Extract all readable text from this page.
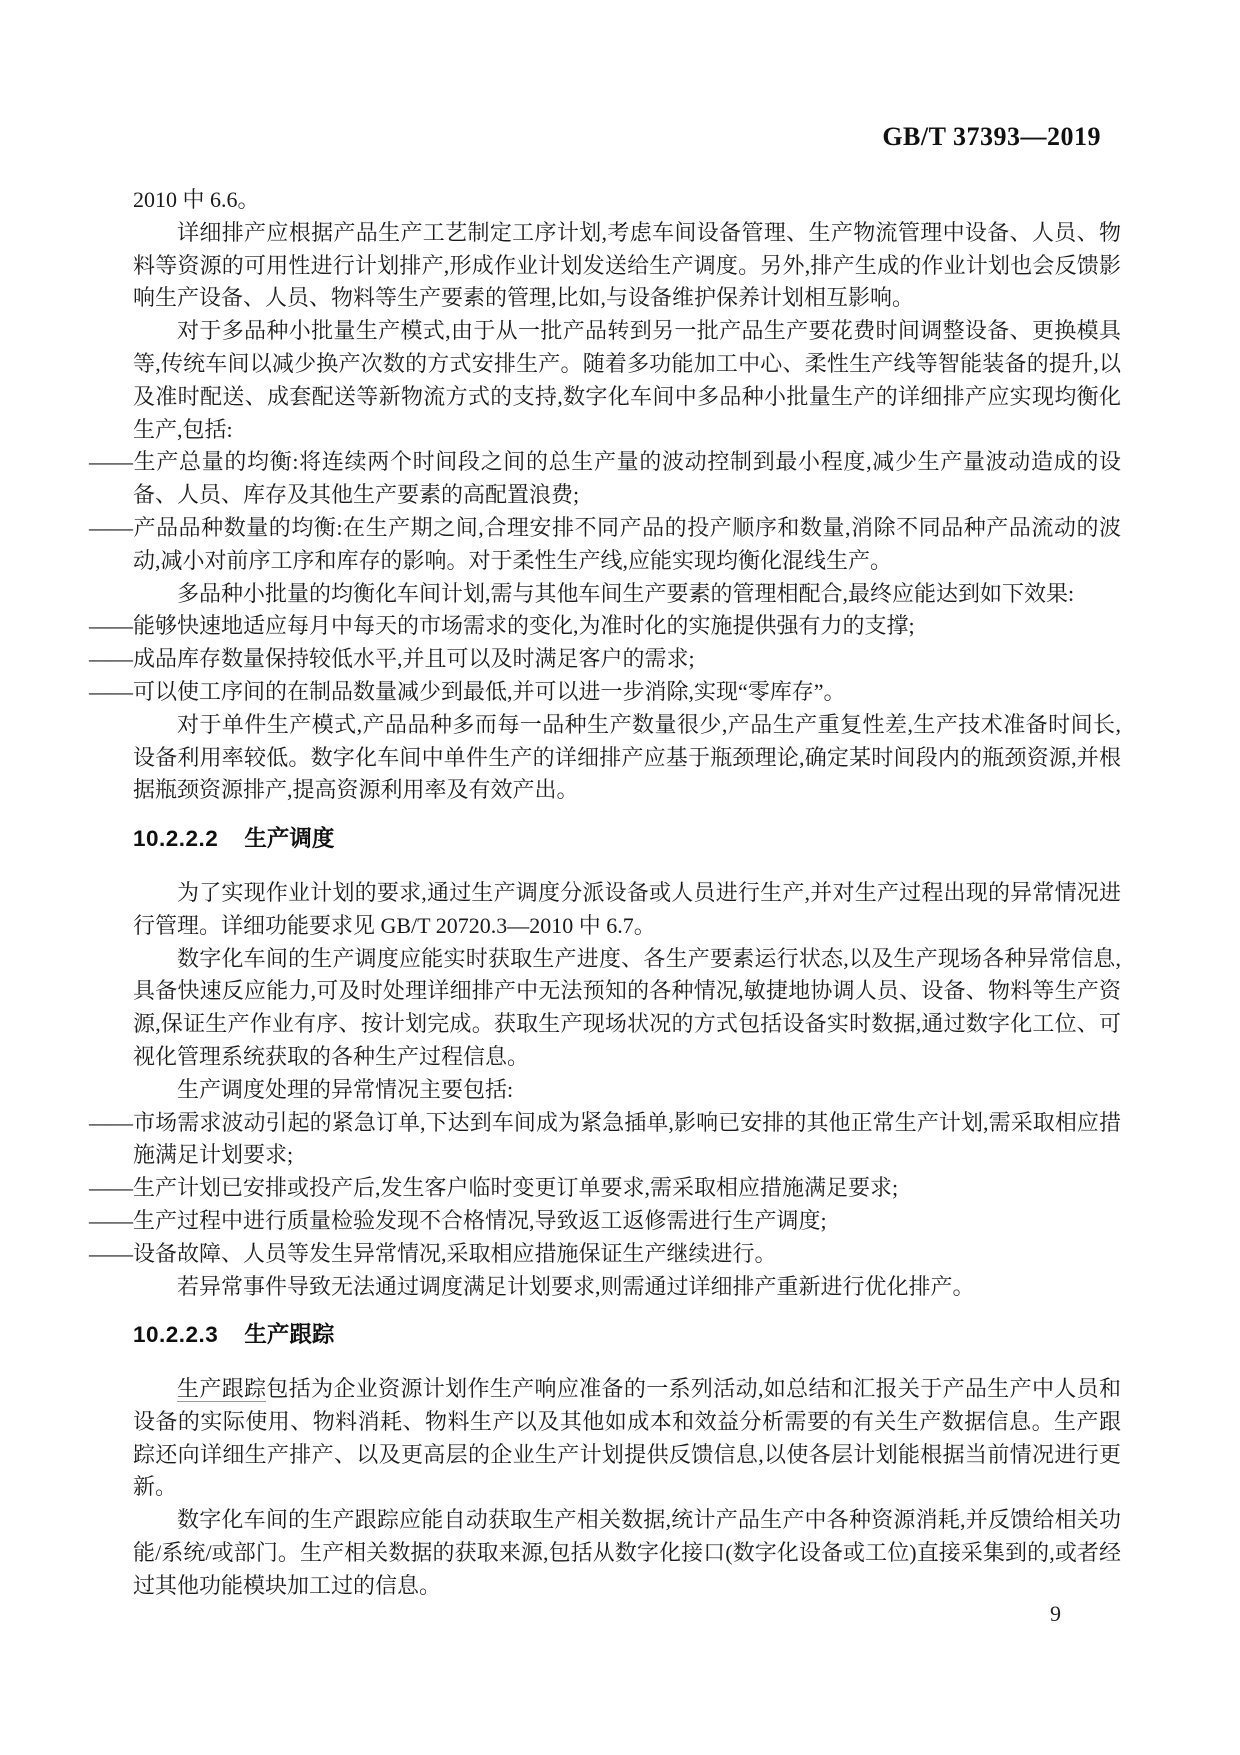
GB/T 37393—2019

2010 中 6.6。

详细排产应根据产品生产工艺制定工序计划,考虑车间设备管理、生产物流管理中设备、人员、物料等资源的可用性进行计划排产,形成作业计划发送给生产调度。另外,排产生成的作业计划也会反馈影响生产设备、人员、物料等生产要素的管理,比如,与设备维护保养计划相互影响。

对于多品种小批量生产模式,由于从一批产品转到另一批产品生产要花费时间调整设备、更换模具等,传统车间以减少换产次数的方式安排生产。随着多功能加工中心、柔性生产线等智能装备的提升,以及准时配送、成套配送等新物流方式的支持,数字化车间中多品种小批量生产的详细排产应实现均衡化生产,包括:

——生产总量的均衡:将连续两个时间段之间的总生产量的波动控制到最小程度,减少生产量波动造成的设备、人员、库存及其他生产要素的高配置浪费;

——产品品种数量的均衡:在生产期之间,合理安排不同产品的投产顺序和数量,消除不同品种产品流动的波动,减小对前序工序和库存的影响。对于柔性生产线,应能实现均衡化混线生产。

多品种小批量的均衡化车间计划,需与其他车间生产要素的管理相配合,最终应能达到如下效果:

——能够快速地适应每月中每天的市场需求的变化,为准时化的实施提供强有力的支撑;

——成品库存数量保持较低水平,并且可以及时满足客户的需求;

——可以使工序间的在制品数量减少到最低,并可以进一步消除,实现“零库存”。

对于单件生产模式,产品品种多而每一品种生产数量很少,产品生产重复性差,生产技术准备时间长,设备利用率较低。数字化车间中单件生产的详细排产应基于瓶颈理论,确定某时间段内的瓶颈资源,并根据瓶颈资源排产,提高资源利用率及有效产出。

10.2.2.2 生产调度

为了实现作业计划的要求,通过生产调度分派设备或人员进行生产,并对生产过程出现的异常情况进行管理。详细功能要求见 GB/T 20720.3—2010 中 6.7。

数字化车间的生产调度应能实时获取生产进度、各生产要素运行状态,以及生产现场各种异常信息,具备快速反应能力,可及时处理详细排产中无法预知的各种情况,敏捷地协调人员、设备、物料等生产资源,保证生产作业有序、按计划完成。获取生产现场状况的方式包括设备实时数据,通过数字化工位、可视化管理系统获取的各种生产过程信息。

生产调度处理的异常情况主要包括:

——市场需求波动引起的紧急订单,下达到车间成为紧急插单,影响已安排的其他正常生产计划,需采取相应措施满足计划要求;

——生产计划已安排或投产后,发生客户临时变更订单要求,需采取相应措施满足要求;

——生产过程中进行质量检验发现不合格情况,导致返工返修需进行生产调度;

——设备故障、人员等发生异常情况,采取相应措施保证生产继续进行。

若异常事件导致无法通过调度满足计划要求,则需通过详细排产重新进行优化排产。

10.2.2.3 生产跟踪

生产跟踪包括为企业资源计划作生产响应准备的一系列活动,如总结和汇报关于产品生产中人员和设备的实际使用、物料消耗、物料生产以及其他如成本和效益分析需要的有关生产数据信息。生产跟踪还向详细生产排产、以及更高层的企业生产计划提供反馈信息,以使各层计划能根据当前情况进行更新。

数字化车间的生产跟踪应能自动获取生产相关数据,统计产品生产中各种资源消耗,并反馈给相关功能/系统/或部门。生产相关数据的获取来源,包括从数字化接口(数字化设备或工位)直接采集到的,或者经过其他功能模块加工过的信息。

9
